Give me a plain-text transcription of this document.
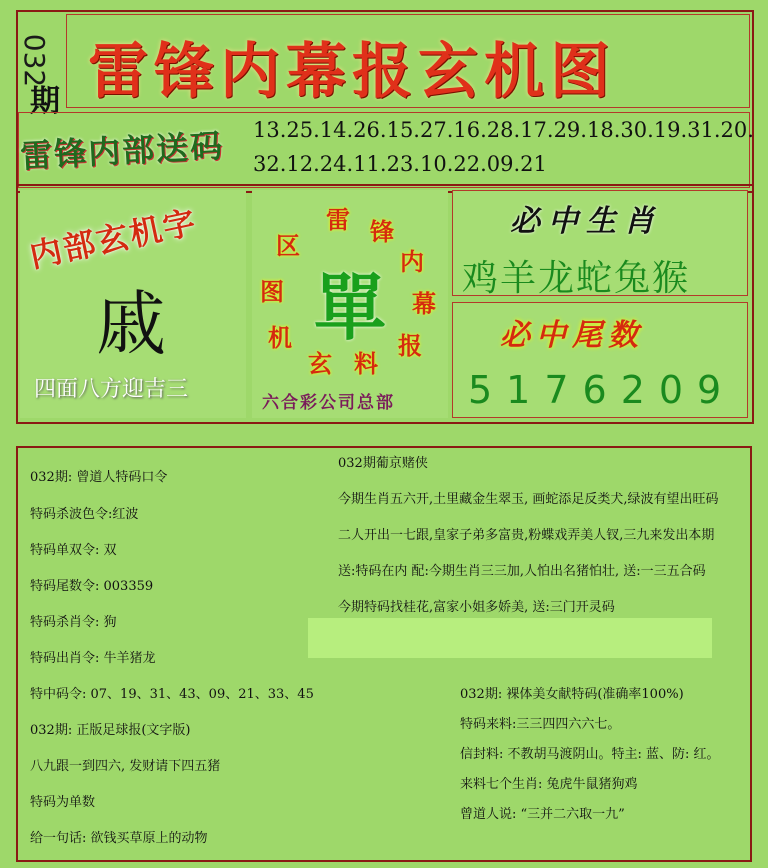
032
期 雷锋内幕报玄机图
雷锋内部送码 13.25.14.26.15.27.16.28.17.29.18.30.19.31.20.
32.12.24.11.23.10.22.09.21
内部玄机字
戚
四面八方迎吉三
雷 锋
内
幕
报
料
玄
机
图
区
單
六合彩公司总部
必中生肖
鸡羊龙蛇兔猴
必中尾数
5176209
032期: 曾道人特码口令
特码杀波色令:红波
特码单双令: 双
特码尾数令: 003359
特码杀肖令: 狗
特码出肖令: 牛羊猪龙
特中码令: 07、19、31、43、09、21、33、45
032期: 正版足球报(文字版)
八九跟一到四六, 发财请下四五猪
特码为单数
给一句话: 欲钱买草原上的动物
032期葡京赌侠
今期生肖五六开,土里藏金生翠玉, 画蛇添足反类犬,绿波有望出旺码
二人开出一七跟,皇家子弟多富贵,粉蝶戏弄美人钗,三九来发出本期
送:特码在内 配:今期生肖三三加,人怕出名猪怕壮, 送:一三五合码
今期特码找桂花,富家小姐多娇美, 送:三门开灵码
032期: 裸体美女献特码(准确率100%)
特码来料:三三四四六六七。
信封料: 不教胡马渡阴山。特主: 蓝、防: 红。
来料七个生肖: 兔虎牛鼠猪狗鸡
曾道人说: “三并二六取一九”
